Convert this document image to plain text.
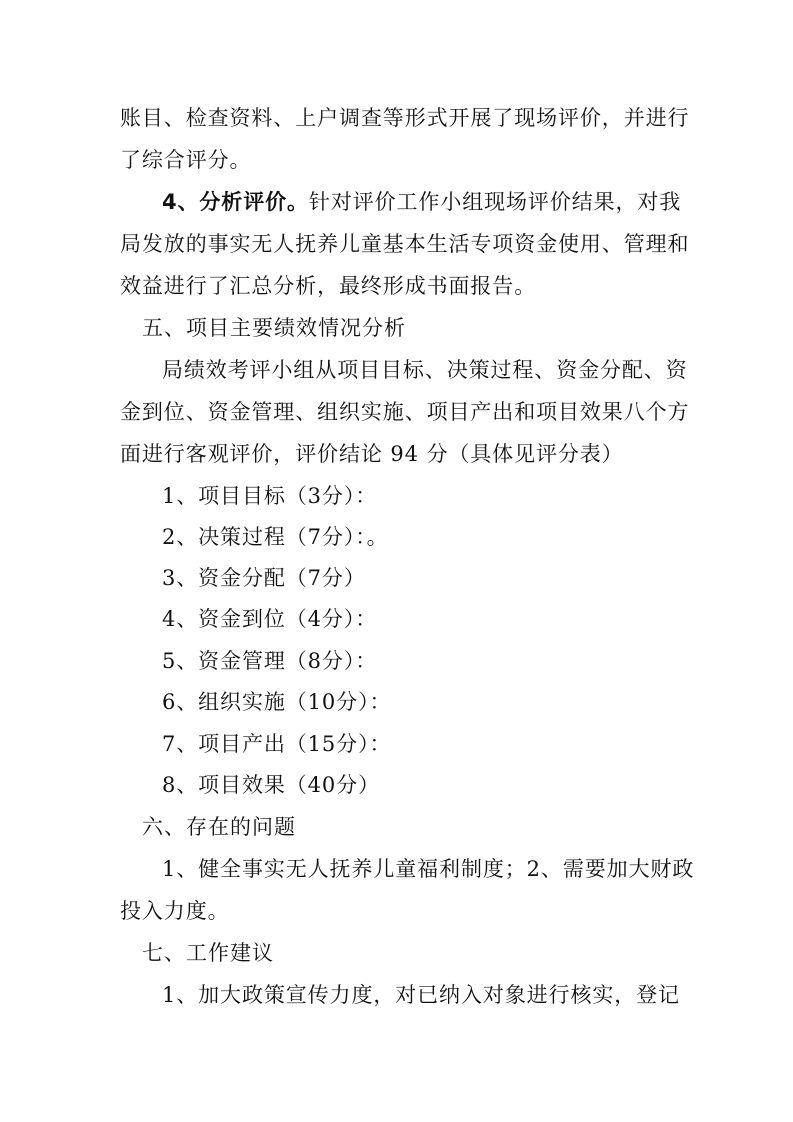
账目、检查资料、上户调查等形式开展了现场评价，并进行
了综合评分。
4、分析评价。 针对评价工作小组现场评价结果，对我
局发放的事实无人抚养儿童基本生活专项资金使用、管理和
效益进行了汇总分析，最终形成书面报告。
五、项目主要绩效情况分析
局绩效考评小组从项目目标、决策过程、资金分配、资
金到位、资金管理、组织实施、项目产出和项目效果八个方
面进行客观评价，评价结论 94 分（具体见评分表）
1、项目目标（3分）：
2、决策过程（7分）：。
3、资金分配（7分）
4、资金到位（4分）：
5、资金管理（8分）：
6、组织实施（10分）：
7、项目产出（15分）：
8、项目效果（40分）
六、存在的问题
1、健全事实无人抚养儿童福利制度；2、需要加大财政
投入力度。
七、工作建议
1、加大政策宣传力度，对已纳入对象进行核实，登记
